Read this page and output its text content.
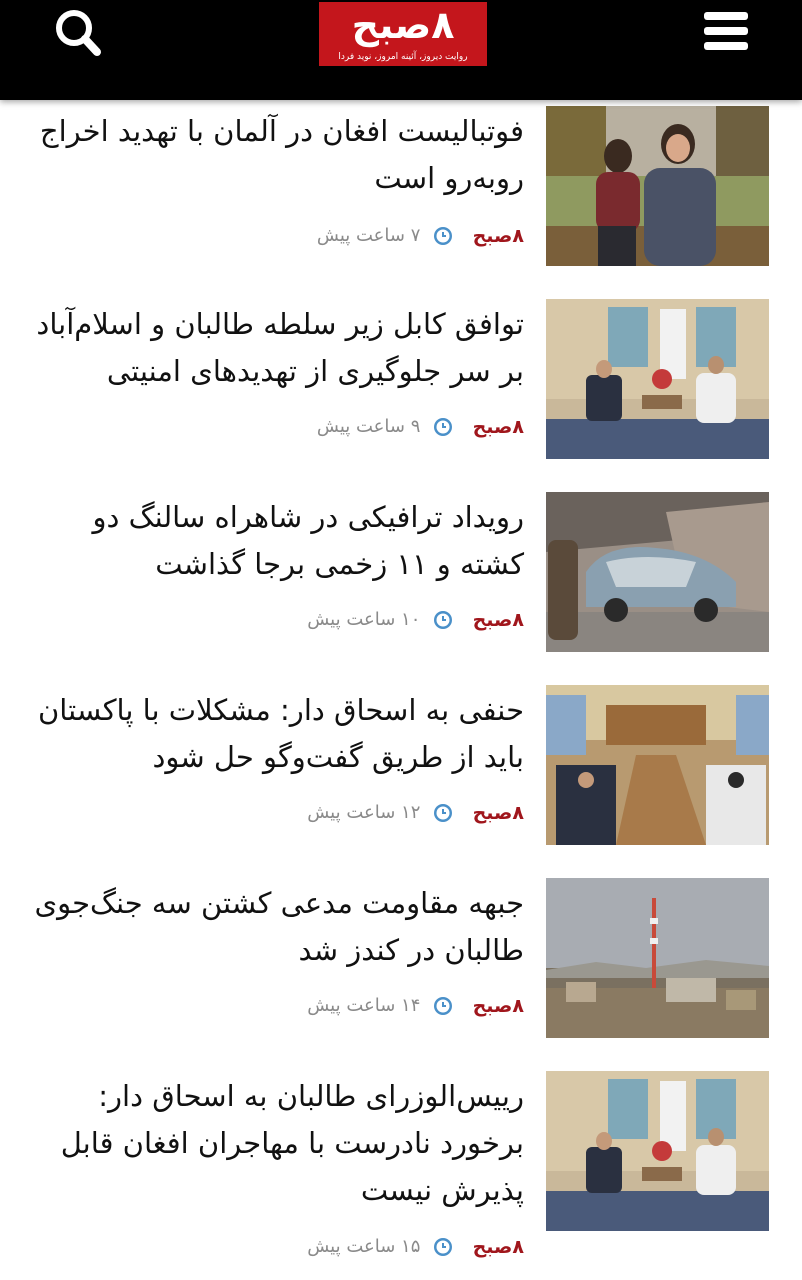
۸صبح
روایت دیروز، آئینه امروز، نوید فردا
فوتبالیست افغان در آلمان با تهدید اخراج روبه‌رو است
۸صبح  ۷ ساعت پیش
توافق کابل زیر سلطه طالبان و اسلام‌آباد بر سر جلوگیری از تهدیدهای امنیتی
۸صبح  ۹ ساعت پیش
رویداد ترافیکی در شاهراه سالنگ دو کشته و ۱۱ زخمی برجا گذاشت
۸صبح  ۱۰ ساعت پیش
حنفی به اسحاق دار: مشکلات با پاکستان باید از طریق گفت‌وگو حل شود
۸صبح  ۱۲ ساعت پیش
جبهه مقاومت مدعی کشتن سه جنگ‌جوی طالبان در کندز شد
۸صبح  ۱۴ ساعت پیش
رییس‌الوزرای طالبان به اسحاق دار: برخورد نادرست با مهاجران افغان قابل پذیرش نیست
۸صبح  ۱۵ ساعت پیش
